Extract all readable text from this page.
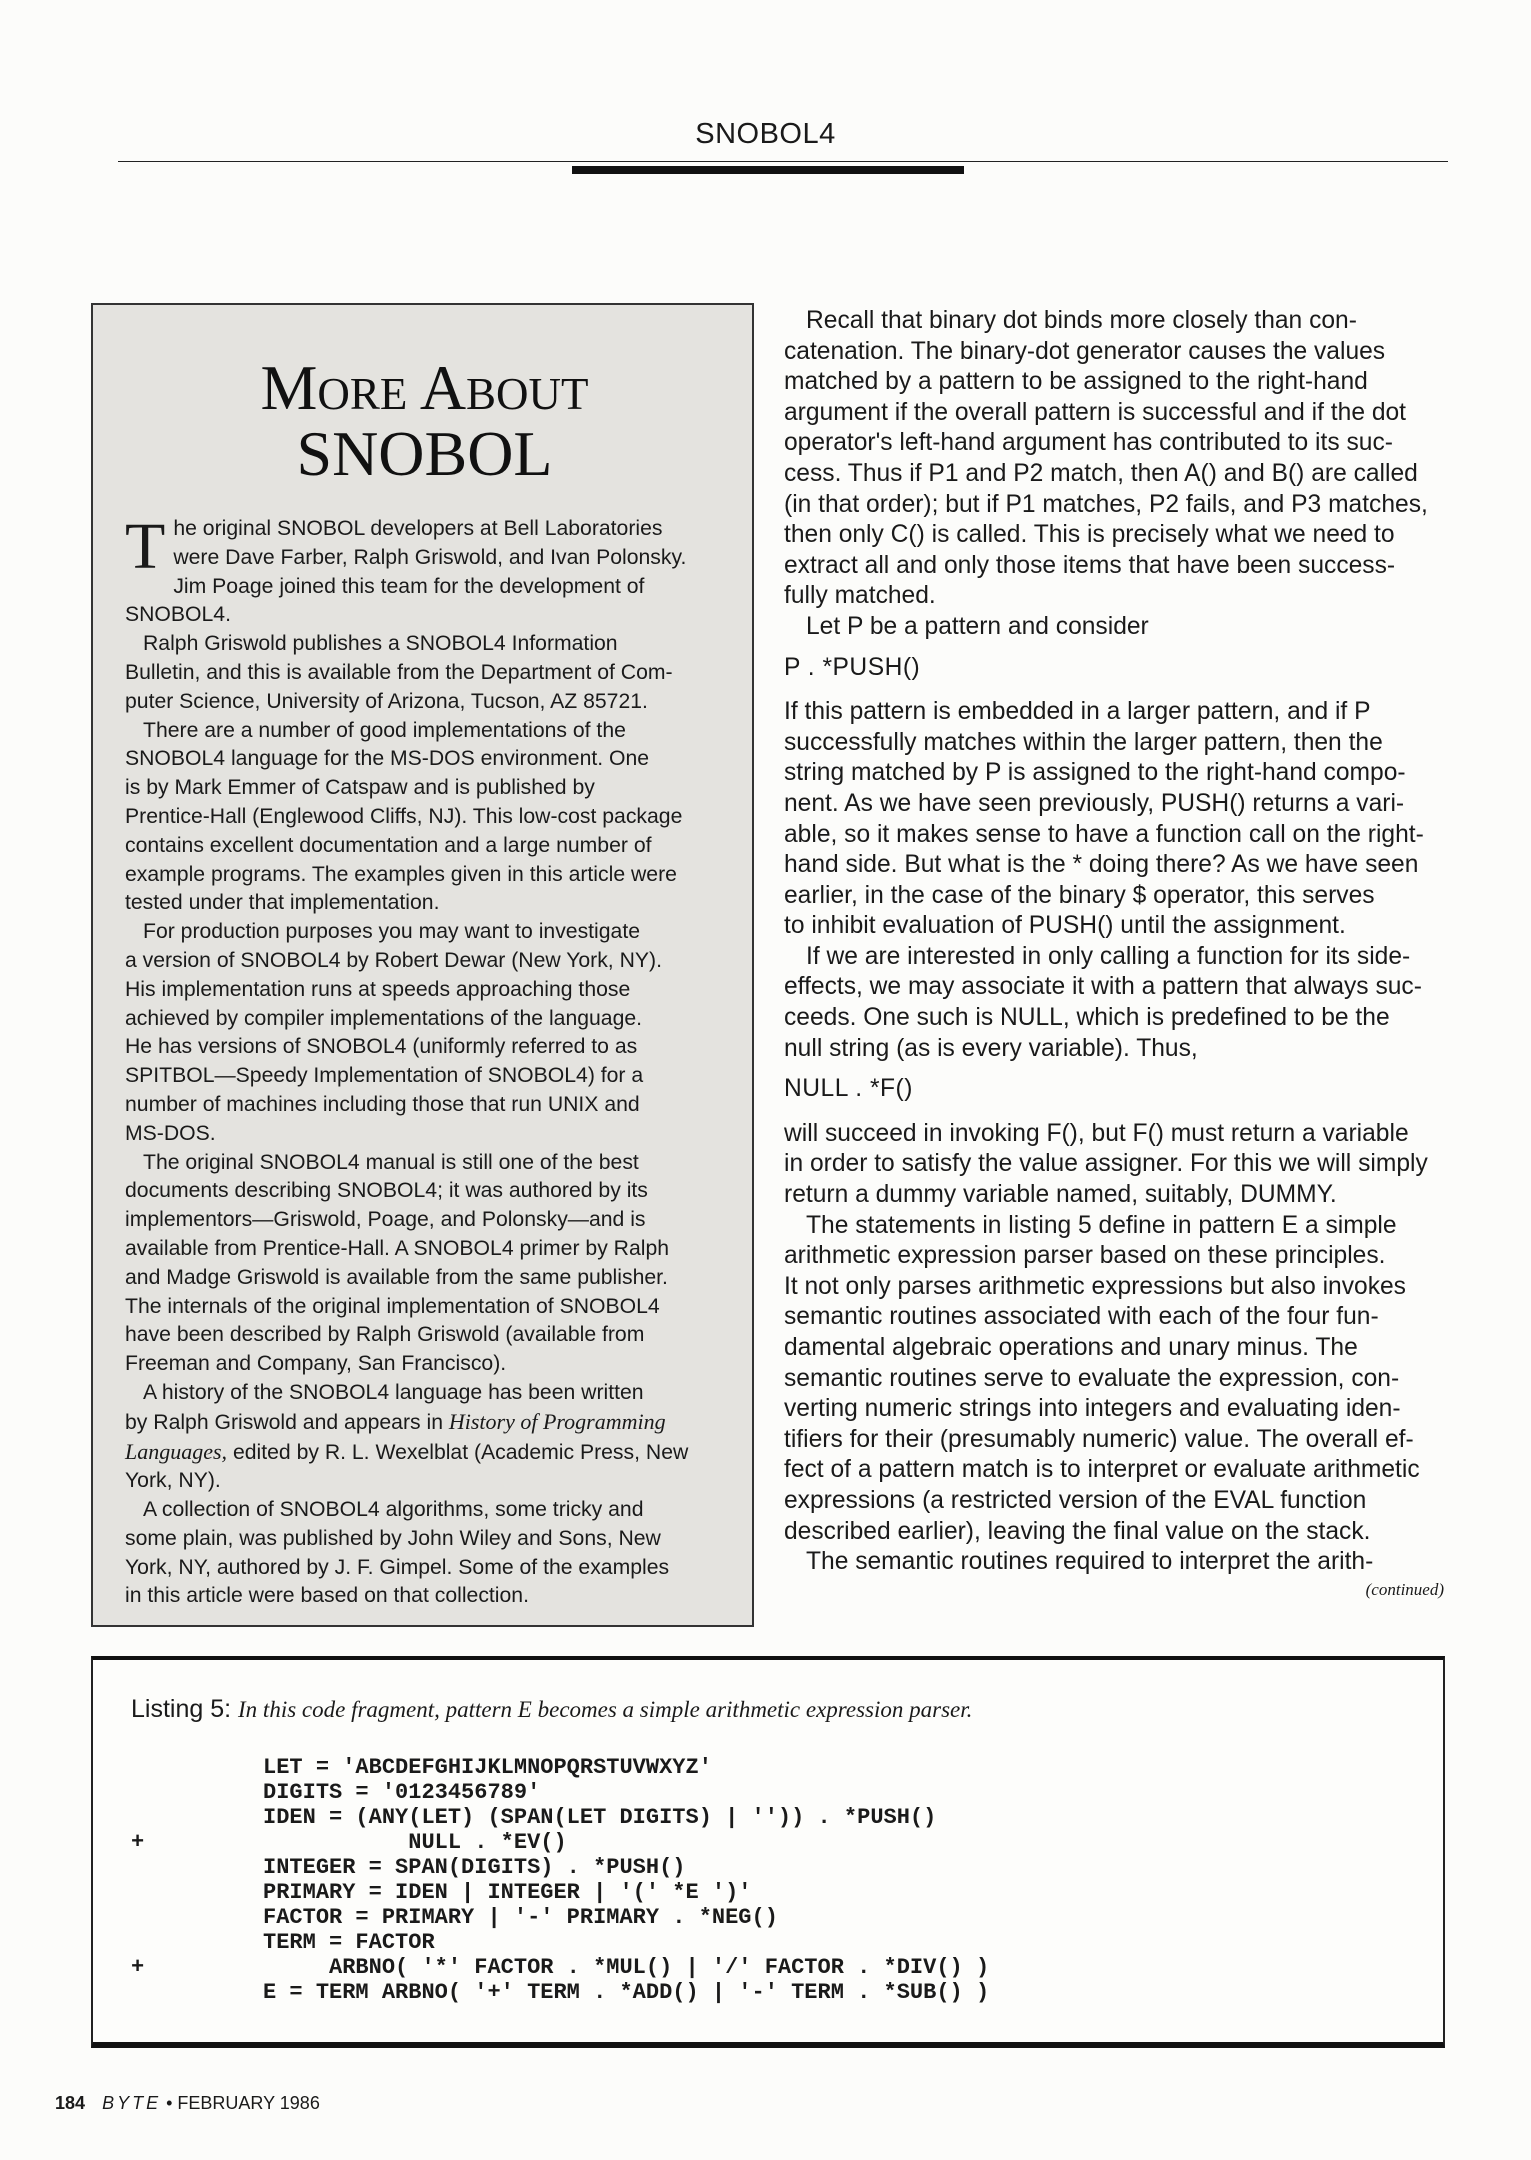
SNOBOL4
More About
SNOBOL

The original SNOBOL developers at Bell Laboratories
were Dave Farber, Ralph Griswold, and Ivan Polonsky.
Jim Poage joined this team for the development of
SNOBOL4.

Ralph Griswold publishes a SNOBOL4 Information
Bulletin, and this is available from the Department of Com-
puter Science, University of Arizona, Tucson, AZ 85721.

There are a number of good implementations of the
SNOBOL4 language for the MS-DOS environment. One
is by Mark Emmer of Catspaw and is published by
Prentice-Hall (Englewood Cliffs, NJ). This low-cost package
contains excellent documentation and a large number of
example programs. The examples given in this article were
tested under that implementation.

For production purposes you may want to investigate
a version of SNOBOL4 by Robert Dewar (New York, NY).
His implementation runs at speeds approaching those
achieved by compiler implementations of the language.
He has versions of SNOBOL4 (uniformly referred to as
SPITBOL—Speedy Implementation of SNOBOL4) for a
number of machines including those that run UNIX and
MS-DOS.

The original SNOBOL4 manual is still one of the best
documents describing SNOBOL4; it was authored by its
implementors—Griswold, Poage, and Polonsky—and is
available from Prentice-Hall. A SNOBOL4 primer by Ralph
and Madge Griswold is available from the same publisher.
The internals of the original implementation of SNOBOL4
have been described by Ralph Griswold (available from
Freeman and Company, San Francisco).

A history of the SNOBOL4 language has been written
by Ralph Griswold and appears in History of Programming
Languages, edited by R. L. Wexelblat (Academic Press, New
York, NY).

A collection of SNOBOL4 algorithms, some tricky and
some plain, was published by John Wiley and Sons, New
York, NY, authored by J. F. Gimpel. Some of the examples
in this article were based on that collection.

Recall that binary dot binds more closely than con-
catenation. The binary-dot generator causes the values
matched by a pattern to be assigned to the right-hand
argument if the overall pattern is successful and if the dot
operator's left-hand argument has contributed to its suc-
cess. Thus if P1 and P2 match, then A() and B() are called
(in that order); but if P1 matches, P2 fails, and P3 matches,
then only C() is called. This is precisely what we need to
extract all and only those items that have been success-
fully matched.

Let P be a pattern and consider

P . *PUSH()

If this pattern is embedded in a larger pattern, and if P
successfully matches within the larger pattern, then the
string matched by P is assigned to the right-hand compo-
nent. As we have seen previously, PUSH() returns a vari-
able, so it makes sense to have a function call on the right-
hand side. But what is the * doing there? As we have seen
earlier, in the case of the binary $ operator, this serves
to inhibit evaluation of PUSH() until the assignment.

If we are interested in only calling a function for its side-
effects, we may associate it with a pattern that always suc-
ceeds. One such is NULL, which is predefined to be the
null string (as is every variable). Thus,

NULL . *F()

will succeed in invoking F(), but F() must return a variable
in order to satisfy the value assigner. For this we will simply
return a dummy variable named, suitably, DUMMY.

The statements in listing 5 define in pattern E a simple
arithmetic expression parser based on these principles.
It not only parses arithmetic expressions but also invokes
semantic routines associated with each of the four fun-
damental algebraic operations and unary minus. The
semantic routines serve to evaluate the expression, con-
verting numeric strings into integers and evaluating iden-
tifiers for their (presumably numeric) value. The overall ef-
fect of a pattern match is to interpret or evaluate arithmetic
expressions (a restricted version of the EVAL function
described earlier), leaving the final value on the stack.

The semantic routines required to interpret the arith-

(continued)
Listing 5: In this code fragment, pattern E becomes a simple arithmetic expression parser.
LET = 'ABCDEFGHIJKLMNOPQRSTUVWXYZ'
DIGITS = '0123456789'
IDEN = (ANY(LET) (SPAN(LET DIGITS) | '')) . *PUSH()
+                    NULL . *EV()
INTEGER = SPAN(DIGITS) . *PUSH()
PRIMARY = IDEN | INTEGER | '(' *E ')'
FACTOR = PRIMARY | '-' PRIMARY . *NEG()
TERM = FACTOR
+              ARBNO( '*' FACTOR . *MUL() | '/' FACTOR . *DIV() )
E = TERM ARBNO( '+' TERM . *ADD() | '-' TERM . *SUB() )
184 BYTE • FEBRUARY 1986
